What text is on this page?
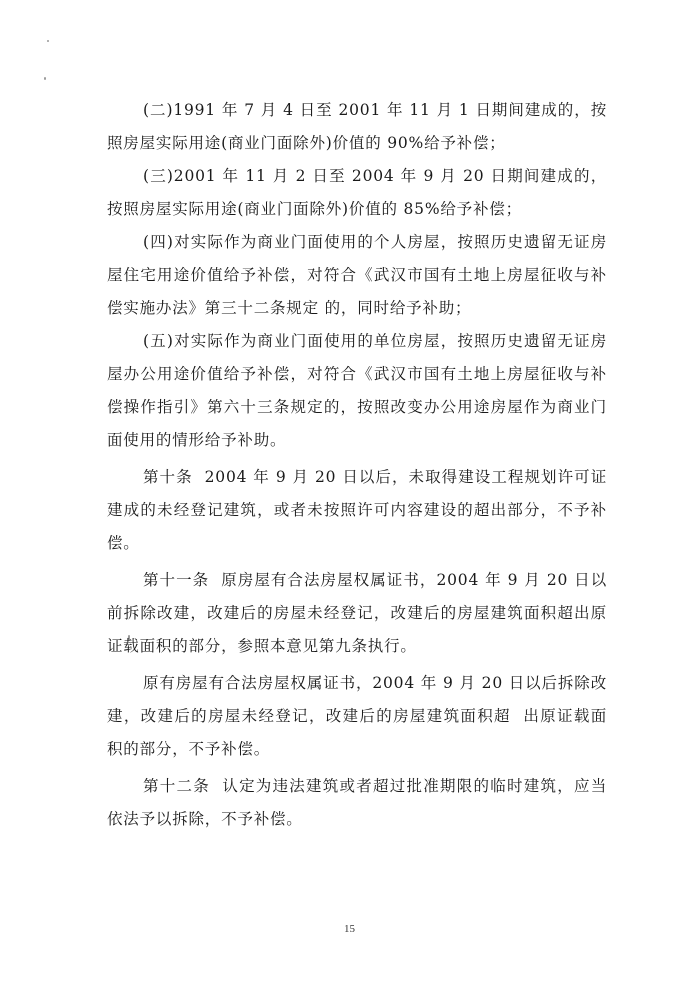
(二)1991 年 7 月 4 日至 2001 年 11 月 1 日期间建成的，按照房屋实际用途(商业门面除外)价值的 90%给予补偿；

(三)2001 年 11 月 2 日至 2004 年 9 月 20 日期间建成的，按照房屋实际用途(商业门面除外)价值的 85%给予补偿；

(四)对实际作为商业门面使用的个人房屋，按照历史遗留无证房屋住宅用途价值给予补偿，对符合《武汉市国有土地上房屋征收与补偿实施办法》第三十二条规定 的，同时给予补助；

(五)对实际作为商业门面使用的单位房屋，按照历史遗留无证房屋办公用途价值给予补偿，对符合《武汉市国有土地上房屋征收与补偿操作指引》第六十三条规定的，按照改变办公用途房屋作为商业门面使用的情形给予补助。

第十条  2004 年 9 月 20 日以后，未取得建设工程规划许可证建成的未经登记建筑，或者未按照许可内容建设的超出部分，不予补偿。

第十一条  原房屋有合法房屋权属证书，2004 年 9 月 20 日以前拆除改建，改建后的房屋未经登记，改建后的房屋建筑面积超出原证载面积的部分，参照本意见第九条执行。

原有房屋有合法房屋权属证书，2004 年 9 月 20 日以后拆除改建，改建后的房屋未经登记，改建后的房屋建筑面积超  出原证载面积的部分，不予补偿。

第十二条  认定为违法建筑或者超过批准期限的临时建筑，应当依法予以拆除，不予补偿。

15
